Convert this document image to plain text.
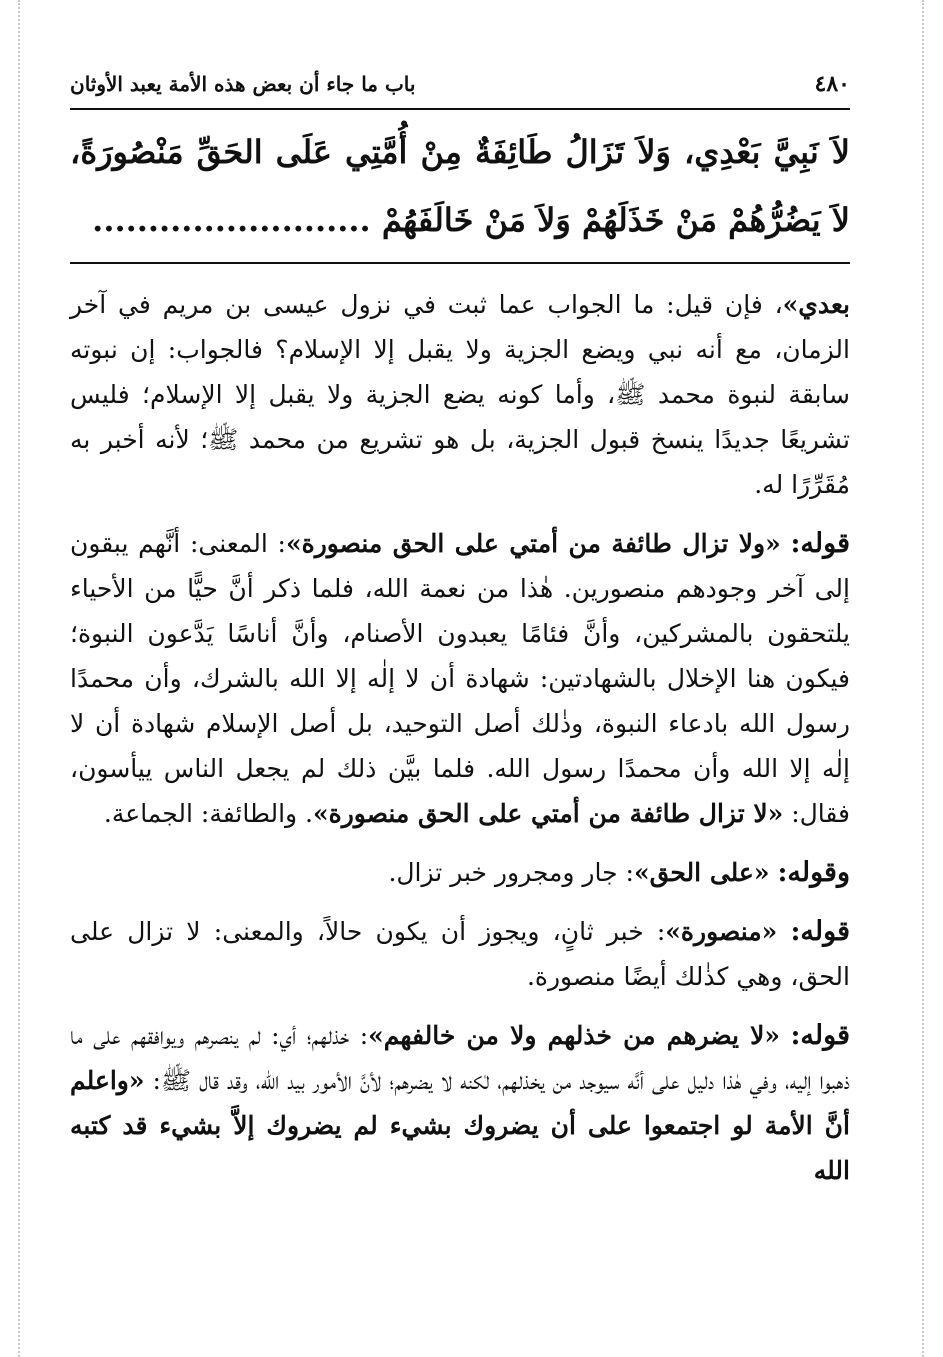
٤٨٠
باب ما جاء أن بعض هذه الأمة يعبد الأوثان
لاَ نَبِيَّ بَعْدِي، وَلاَ تَزَالُ طَائِفَةٌ مِنْ أُمَّتِي عَلَى الحَقِّ مَنْصُورَةً، لاَ يَضُرُّهُمْ مَنْ خَذَلَهُمْ وَلاَ مَنْ خَالَفَهُمْ .........................

بعدي»، فإن قيل: ما الجواب عما ثبت في نزول عيسى بن مريم في آخر الزمان، مع أنه نبي ويضع الجزية ولا يقبل إلا الإسلام؟ فالجواب: إن نبوته سابقة لنبوة محمد ﷺ، وأما كونه يضع الجزية ولا يقبل إلا الإسلام؛ فليس تشريعًا جديدًا ينسخ قبول الجزية، بل هو تشريع من محمد ﷺ؛ لأنه أخبر به مُقَرِّرًا له.

قوله: «ولا تزال طائفة من أمتي على الحق منصورة»: المعنى: أنَّهم يبقون إلى آخر وجودهم منصورين. هٰذا من نعمة الله، فلما ذكر أنَّ حيًّا من الأحياء يلتحقون بالمشركين، وأنَّ فئامًا يعبدون الأصنام، وأنَّ أناسًا يَدَّعون النبوة؛ فيكون هنا الإخلال بالشهادتين: شهادة أن لا إلٰه إلا الله بالشرك، وأن محمدًا رسول الله بادعاء النبوة، وذٰلك أصل التوحيد، بل أصل الإسلام شهادة أن لا إلٰه إلا الله وأن محمدًا رسول الله. فلما بيَّن ذلك لم يجعل الناس ييأسون، فقال: «لا تزال طائفة من أمتي على الحق منصورة». والطائفة: الجماعة.

وقوله: «على الحق»: جار ومجرور خبر تزال.

قوله: «منصورة»: خبر ثانٍ، ويجوز أن يكون حالاً، والمعنى: لا تزال على الحق، وهي كذٰلك أيضًا منصورة.

قوله: «لا يضرهم من خذلهم ولا من خالفهم»: خذلهم؛ أي: لم ينصرهم ويوافقهم على ما ذهبوا إليه، وفي هٰذا دليل على أنَّه سيوجد من يخذلهم، لٰكنه لا يضرهم؛ لأنَّ الأمور بيد الله، وقد قال ﷺ: «واعلم أنَّ الأمة لو اجتمعوا على أن يضروك بشيء لم يضروك إلاَّ بشيء قد كتبه الله
